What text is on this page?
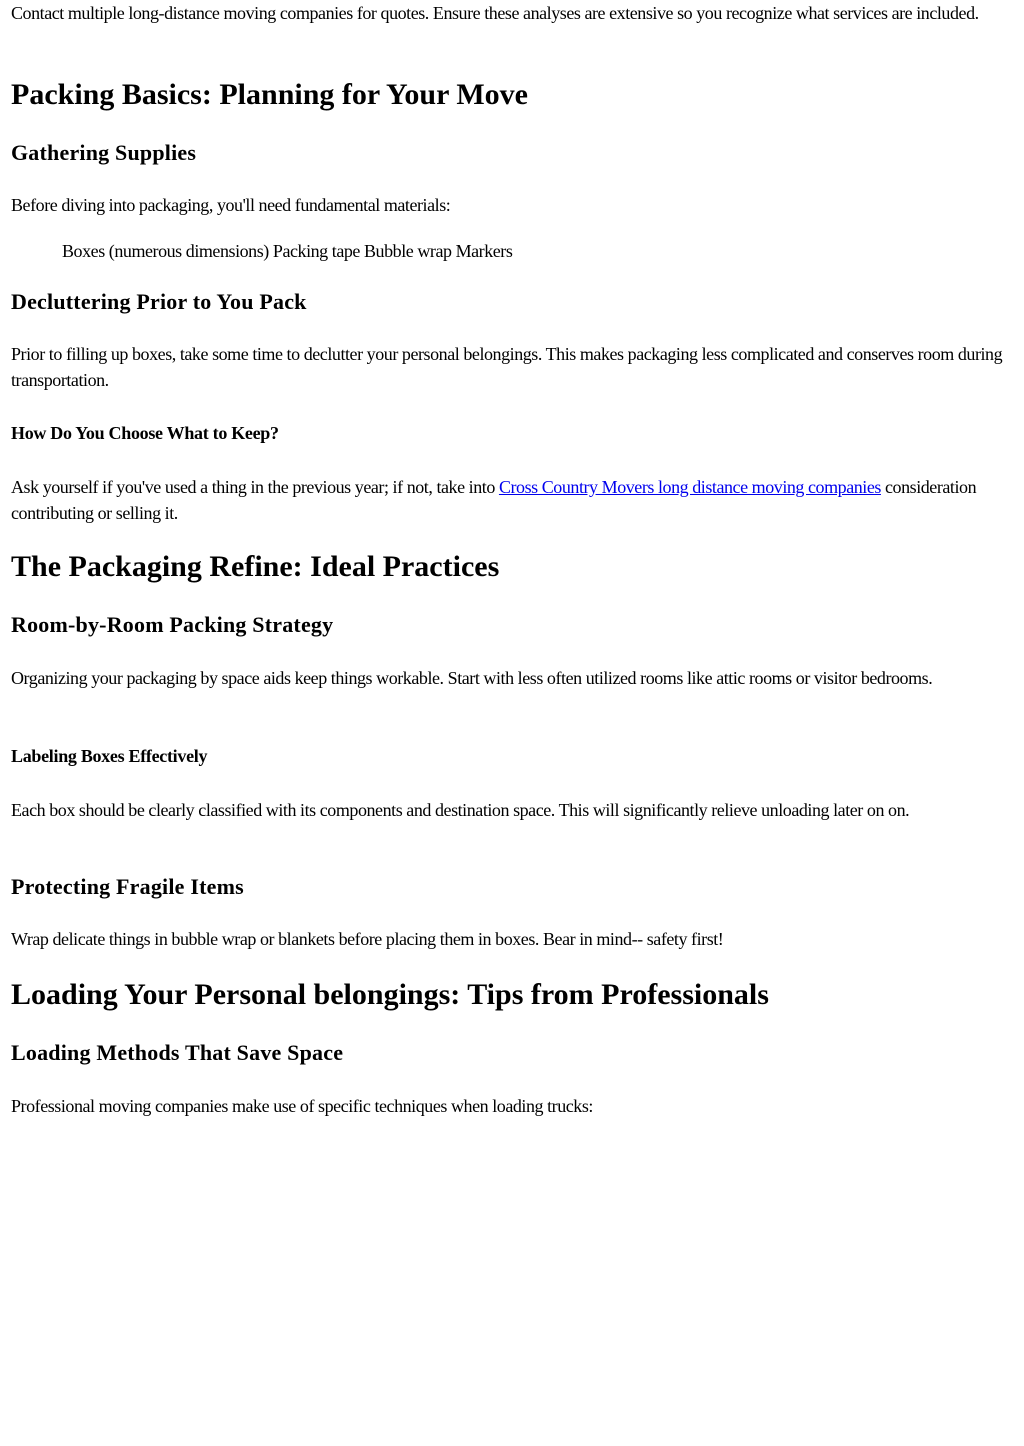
Contact multiple long-distance moving companies for quotes. Ensure these analyses are extensive so you recognize what services are included.

Packing Basics: Planning for Your Move
Gathering Supplies

Before diving into packaging, you'll need fundamental materials:

Boxes (numerous dimensions) Packing tape Bubble wrap Markers

Decluttering Prior to You Pack

Prior to filling up boxes, take some time to declutter your personal belongings. This makes packaging less complicated and conserves room during transportation.

How Do You Choose What to Keep?

Ask yourself if you've used a thing in the previous year; if not, take into Cross Country Movers long distance moving companies consideration contributing or selling it.

The Packaging Refine: Ideal Practices
Room-by-Room Packing Strategy

Organizing your packaging by space aids keep things workable. Start with less often utilized rooms like attic rooms or visitor bedrooms.

Labeling Boxes Effectively

Each box should be clearly classified with its components and destination space. This will significantly relieve unloading later on on.

Protecting Fragile Items

Wrap delicate things in bubble wrap or blankets before placing them in boxes. Bear in mind-- safety first!

Loading Your Personal belongings: Tips from Professionals
Loading Methods That Save Space

Professional moving companies make use of specific techniques when loading trucks:
